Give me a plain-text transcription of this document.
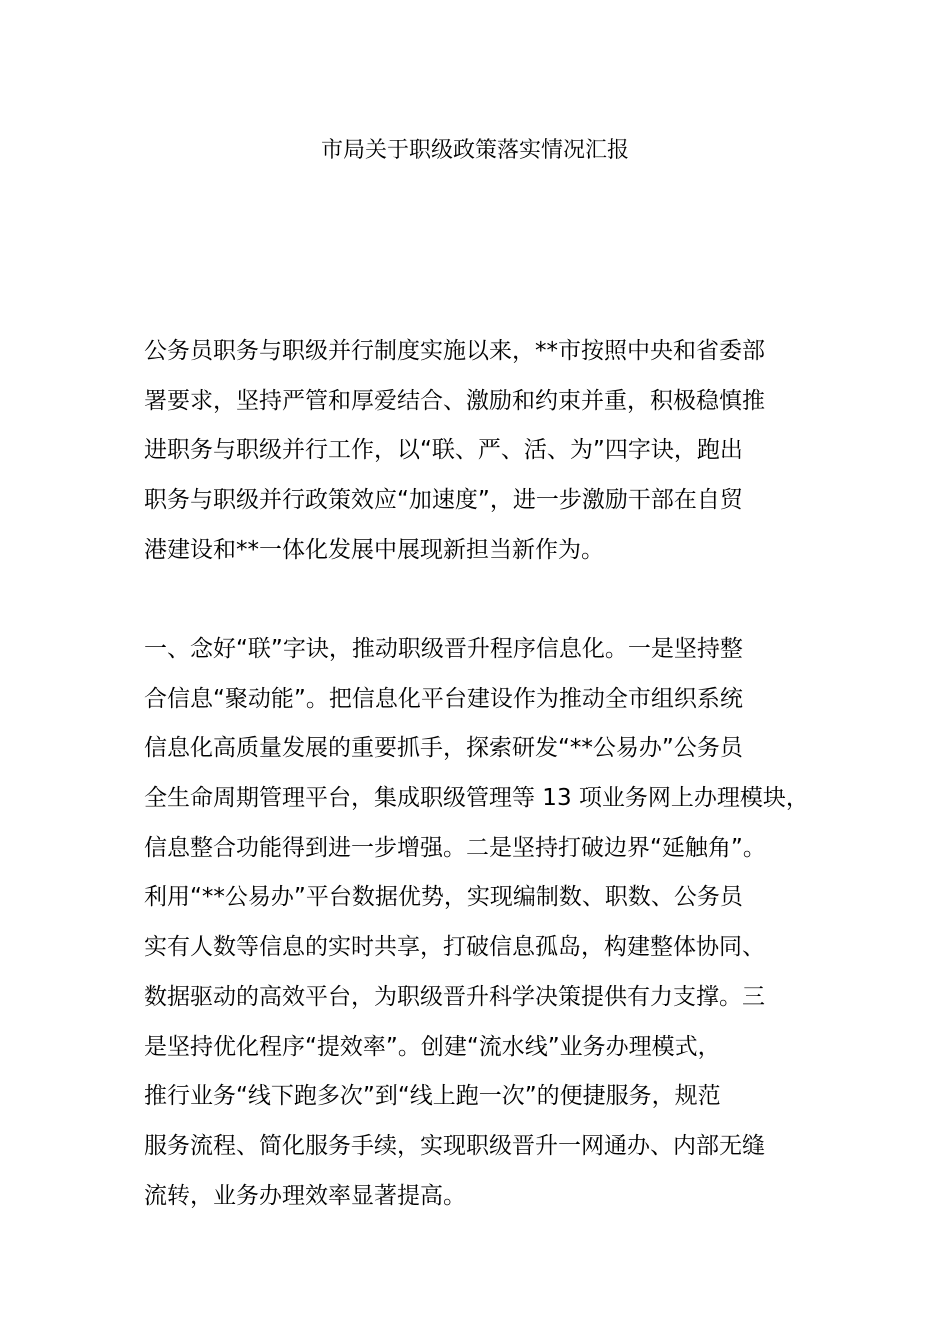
市局关于职级政策落实情况汇报
公务员职务与职级并行制度实施以来，**市按照中央和省委部
署要求，坚持严管和厚爱结合、激励和约束并重，积极稳慎推
进职务与职级并行工作，以“联、严、活、为”四字诀，跑出
职务与职级并行政策效应“加速度”，进一步激励干部在自贸
港建设和**一体化发展中展现新担当新作为。
一、念好“联”字诀，推动职级晋升程序信息化。一是坚持整
合信息“聚动能”。把信息化平台建设作为推动全市组织系统
信息化高质量发展的重要抓手，探索研发“**公易办”公务员
全生命周期管理平台，集成职级管理等 13 项业务网上办理模块，
信息整合功能得到进一步增强。二是坚持打破边界“延触角”。
利用“**公易办”平台数据优势，实现编制数、职数、公务员
实有人数等信息的实时共享，打破信息孤岛，构建整体协同、
数据驱动的高效平台，为职级晋升科学决策提供有力支撑。三
是坚持优化程序“提效率”。创建“流水线”业务办理模式，
推行业务“线下跑多次”到“线上跑一次”的便捷服务，规范
服务流程、简化服务手续，实现职级晋升一网通办、内部无缝
流转，业务办理效率显著提高。
